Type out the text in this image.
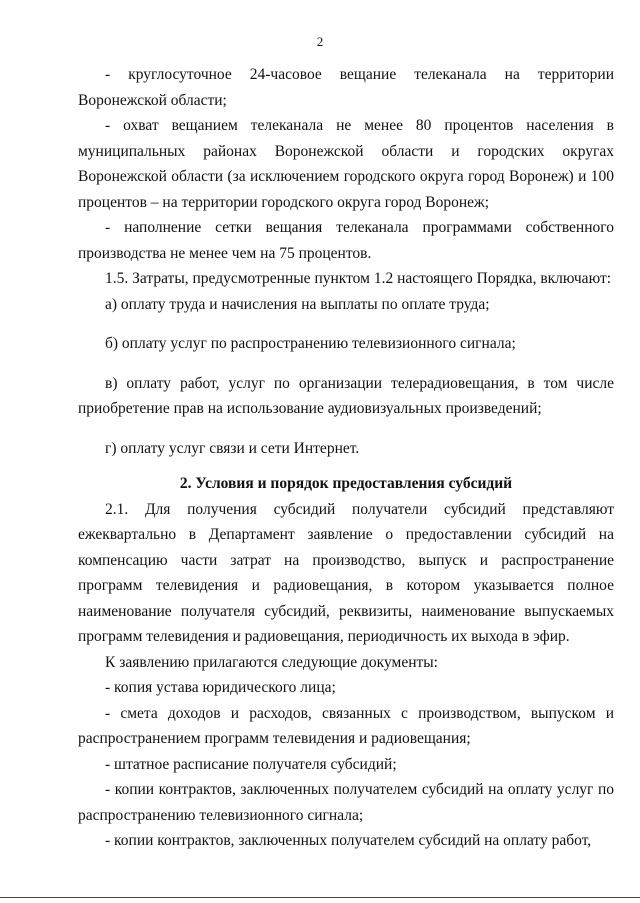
2

- круглосуточное 24-часовое вещание телеканала на территории Воронежской области;

- охват вещанием телеканала не менее 80 процентов населения в муниципальных районах Воронежской области и городских округах Воронежской области (за исключением городского округа город Воронеж) и 100 процентов – на территории городского округа город Воронеж;

- наполнение сетки вещания телеканала программами собственного производства не менее чем на 75 процентов.

1.5. Затраты, предусмотренные пунктом 1.2 настоящего Порядка, включают:

а) оплату труда и начисления на выплаты по оплате труда;

б) оплату услуг по распространению телевизионного сигнала;

в) оплату работ, услуг по организации телерадиовещания, в том числе приобретение прав на использование аудиовизуальных произведений;

г) оплату услуг связи и сети Интернет.

2. Условия и порядок предоставления субсидий

2.1. Для получения субсидий получатели субсидий представляют ежеквартально в Департамент заявление о предоставлении субсидий на компенсацию части затрат на производство, выпуск и распространение программ телевидения и радиовещания, в котором указывается полное наименование получателя субсидий, реквизиты, наименование выпускаемых программ телевидения и радиовещания, периодичность их выхода в эфир.

К заявлению прилагаются следующие документы:

- копия устава юридического лица;

- смета доходов и расходов, связанных с производством, выпуском и распространением программ телевидения и радиовещания;

- штатное расписание получателя субсидий;

- копии контрактов, заключенных получателем субсидий на оплату услуг по распространению телевизионного сигнала;

- копии контрактов, заключенных получателем субсидий на оплату работ,
